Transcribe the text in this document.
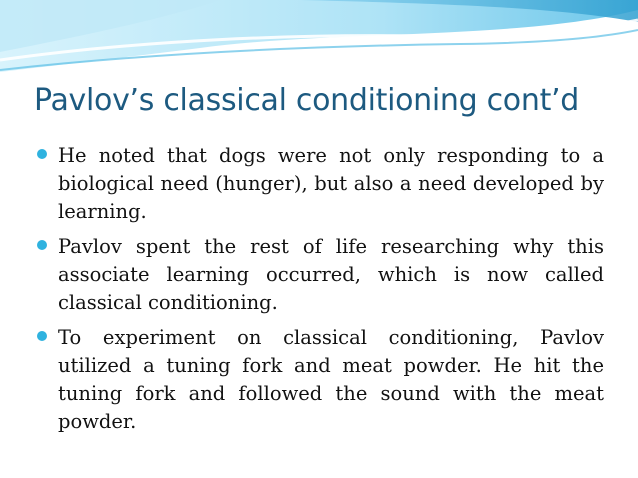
Pavlov’s classical conditioning cont’d
He noted that dogs were not only responding to a biological need (hunger), but also a need developed by learning.
Pavlov spent the rest of life researching why this associate learning occurred, which is now called classical conditioning.
To experiment on classical conditioning, Pavlov utilized a tuning fork and meat powder. He hit the tuning fork and followed the sound with the meat powder.
